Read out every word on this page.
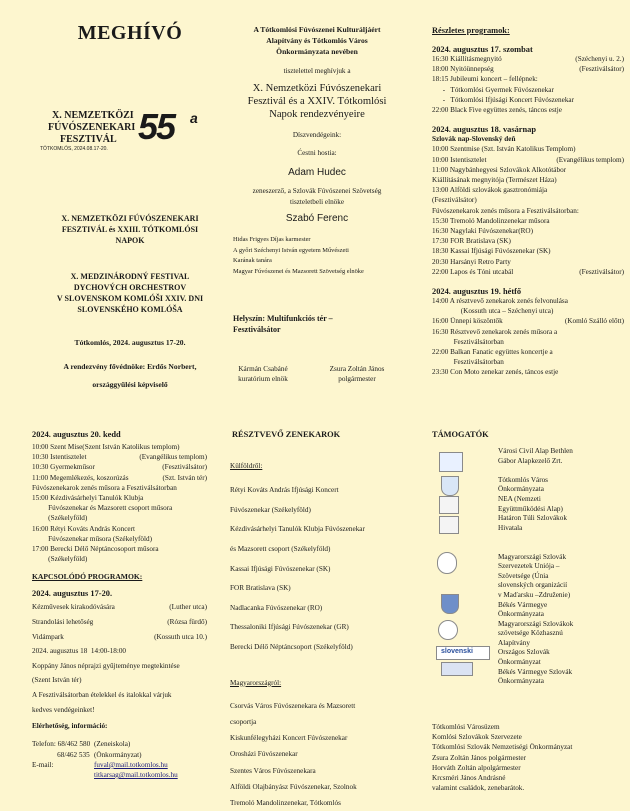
MEGHÍVÓ
X. NEMZETKÖZI
FÚVÓSZENEKARI
FESZTIVÁL
TÓTKOMLÓS, 2024.08.17-20.
55 a
X. NEMZETKÖZI FÚVÓSZENEKARI
FESZTIVÁL és XXIII. TÓTKOMLÓSI
NAPOK
X. MEDZINÁRODNÝ FESTIVAL
DYCHOVÝCH ORCHESTROV
V SLOVENSKOM KOMLÓŠI XXIV. DNI
SLOVENSKÉHO KOMLÓŠA
Tótkomlós, 2024. augusztus 17-20.
A rendezvény fővédnöke: Erdős Norbert,
országgyűlési képviselő
A Tótkomlósi Fúvószenei Kulturáljáért
Alapítvány és Tótkomlós Város
Önkormányzata nevében
tisztelettel meghívjuk a
X. Nemzetközi Fúvószenekari
Fesztivál és a XXIV. Tótkomlósi
Napok rendezvényeire
Díszvendégeink:
Ćestni hostia:
Adam Hudec
zeneszerző, a Szlovák Fúvószenei Szövetség
tiszteletbeli elnöke
Szabó Ferenc
Hidas Frigyes Díjas karmester
A győri Széchenyi István egyetem Művészeti
Karának tanára
Magyar Fúvószenei és Mazsorett Szövetség elnöke
Helyszín: Multifunkciós tér –
Fesztiválsátor
Kármán Csabáné
kuratórium elnök
Zsura Zoltán János
polgármester
Részletes programok:
2024. augusztus 17. szombat
16:30 Kiállításmegnyitó	(Széchenyi u. 2.)
18:00 Nyitóünnepség	(Fesztiválsátor)
18:15 Jubileumi koncert – fellépnek:
-   Tótkomlósi Gyermek Fúvószenekar
-   Tótkomlósi Ifjúsági Koncert Fúvószenekar
22:00 Black Five együttes zenés, táncos estje
2024. augusztus 18. vasárnap
Szlovák nap-Slovenský deň
10:00 Szentmise (Szt. István Katolikus Templom)
10:00 Istentisztelet	(Evangélikus templom)
11:00 Nagybánhegyesi Szlovákok Alkotótábor
Kiállításának megnyitója (Természet Háza)
13:00 Alföldi szlovákok gasztronómiája
(Fesztiválsátor)
Fúvószenekarok zenés műsora a Fesztiválsátorban:
15:30 Tremoló Mandolinzenekar műsora
16:30 Nagylaki Fúvószenekar(RO)
17:30 FOR Bratislava (SK)
18:30 Kassai Ifjúsági Fúvószenekar (SK)
20:30 Harsányi Retro Party
22:00 Lapos és Tóni utcabál	(Fesztiválsátor)
2024. augusztus 19. hétfő
14:00 A résztvevő zenekarok zenés felvonulása
(Kossuth utca – Széchenyi utca)
16:00 Ünnepi köszöntők	(Komló Szálló előtt)
16:30 Résztvevő zenekarok zenés műsora a
Fesztiválsátorban
22:00 Balkan Fanatic együttes koncertje a
Fesztiválsátorban
23:30 Con Moto zenekar zenés, táncos estje
2024. augusztus 20. kedd
10:00 Szent Mise(Szent István Katolikus templom)
10:30 Istentisztelet	(Evangélikus templom)
10:30 Gyermekműsor	(Fesztiválsátor)
11:00 Megemlékezés, koszorúzás	(Szt. István tér)
Fúvószenekarok zenés műsora a Fesztiválsátorban
15:00 Kézdivásárhelyi Tanulók Klubja
Fúvószenekar és Mazsorett csoport műsora
(Székelyföld)
16:00 Rétyi Kováts András Koncert
Fúvószenekar műsora (Székelyföld)
17:00 Berecki Délő Néptáncosoport műsora
(Székelyföld)
KAPCSOLÓDÓ PROGRAMOK:
2024. augusztus 17-20.
Kézművesek kirakodóvására	(Luther utca)
Strandolási lehetőség	(Rózsa fürdő)
Vidámpark	(Kossuth utca 10.)
2024. augusztus 18  14:00-18:00
Koppány János néprajzi gyűjteménye megtekintése
(Szent István tér)
A Fesztiválsátorban ételekkel és italokkal várjuk
kedves vendégeinket!
Elérhetőség, információ:
Telefon: 68/462 580 (Zeneiskola)
68/462 535 (Önkormányzat)
E-mail:	fuval@mail.totkomlos.hu
titkarsag@mail.totkomlos.hu
RÉSZTVEVŐ ZENEKAROK
Külföldről:
Rétyi Kováts András Ifjúsági Koncert
Fúvószenekar (Székelyföld)
Kézdivásárhelyi Tanulók Klubja Fúvószenekar
és Mazsorett csoport (Székelyföld)
Kassai Ifjúsági Fúvószenekar (SK)
FOR Bratislava (SK)
Nadlacanka Fúvószenekar (RO)
Thessaloniki Ifjúsági Fúvószenekar (GR)
Berecki Délő Néptáncsoport (Székelyföld)
Magyarországról:
Csorvás Város Fúvószenekara és Mazsorett
csoportja
Kiskunfélegyházi Koncert Fúvószenekar
Orosházi Fúvószenekar
Szentes Város Fúvószenekara
Alföldi Olajbányász Fúvószenekar, Szolnok
Tremoló Mandolinzenekar, Tótkomlós
TÁMOGATÓK
slovenski
Városi Civil Alap Bethlen
Gábor Alapkezelő Zrt.
Tótkomlós Város
Önkormányzata
NEA (Nemzeti
Együttműködési Alap)
Határon Túli Szlovákok
Hivatala
Magyarországi Szlovák
Szervezetek Uniója –
Szövetsége (Únia
slovenských organizácií
v Maďarsku –Združenie)
Békés Vármegye
Önkormányzata
Magyarországi Szlovákok
szövetsége Közhasznú
Alapítvány
Országos Szlovák
Önkormányzat
Békés Vármegye Szlovák
Önkormányzata
Tótkomlósi Városüzem
Komlósi Szlovákok Szervezete
Tótkomlósi Szlovák Nemzetiségi Önkormányzat
Zsura Zoltán János polgármester
Horváth Zoltán alpolgármester
Krcsméri János Andrásné
valamint családok, zenebarátok.
